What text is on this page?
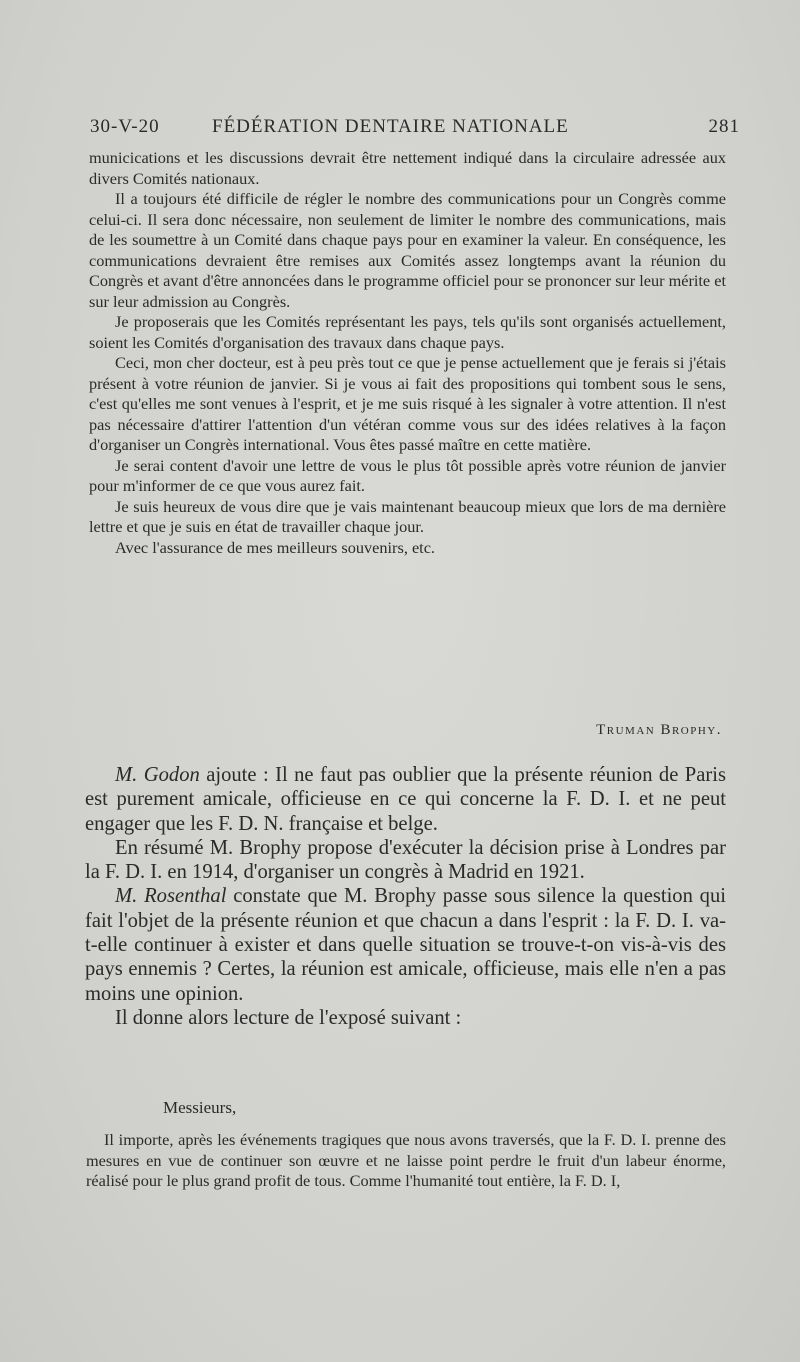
30-V-20	FÉDÉRATION DENTAIRE NATIONALE	281

municications et les discussions devrait être nettement indiqué dans la circulaire adressée aux divers Comités nationaux.

Il a toujours été difficile de régler le nombre des communications pour un Congrès comme celui-ci. Il sera donc nécessaire, non seulement de limiter le nombre des communications, mais de les soumettre à un Comité dans chaque pays pour en examiner la valeur. En conséquence, les communications devraient être remises aux Comités assez longtemps avant la réunion du Congrès et avant d'être annoncées dans le programme officiel pour se prononcer sur leur mérite et sur leur admission au Congrès.

Je proposerais que les Comités représentant les pays, tels qu'ils sont organisés actuellement, soient les Comités d'organisation des travaux dans chaque pays.

Ceci, mon cher docteur, est à peu près tout ce que je pense actuellement que je ferais si j'étais présent à votre réunion de janvier. Si je vous ai fait des propositions qui tombent sous le sens, c'est qu'elles me sont venues à l'esprit, et je me suis risqué à les signaler à votre attention. Il n'est pas nécessaire d'attirer l'attention d'un vétéran comme vous sur des idées relatives à la façon d'organiser un Congrès international. Vous êtes passé maître en cette matière.

Je serai content d'avoir une lettre de vous le plus tôt possible après votre réunion de janvier pour m'informer de ce que vous aurez fait.

Je suis heureux de vous dire que je vais maintenant beaucoup mieux que lors de ma dernière lettre et que je suis en état de travailler chaque jour.

Avec l'assurance de mes meilleurs souvenirs, etc.

Truman Brophy.

M. Godon ajoute : Il ne faut pas oublier que la présente réunion de Paris est purement amicale, officieuse en ce qui concerne la F. D. I. et ne peut engager que les F. D. N. française et belge.

En résumé M. Brophy propose d'exécuter la décision prise à Londres par la F. D. I. en 1914, d'organiser un congrès à Madrid en 1921.

M. Rosenthal constate que M. Brophy passe sous silence la question qui fait l'objet de la présente réunion et que chacun a dans l'esprit : la F. D. I. va-t-elle continuer à exister et dans quelle situation se trouve-t-on vis-à-vis des pays ennemis ? Certes, la réunion est amicale, officieuse, mais elle n'en a pas moins une opinion.

Il donne alors lecture de l'exposé suivant :

Messieurs,

Il importe, après les événements tragiques que nous avons traversés, que la F. D. I. prenne des mesures en vue de continuer son œuvre et ne laisse point perdre le fruit d'un labeur énorme, réalisé pour le plus grand profit de tous. Comme l'humanité tout entière, la F. D. I,
